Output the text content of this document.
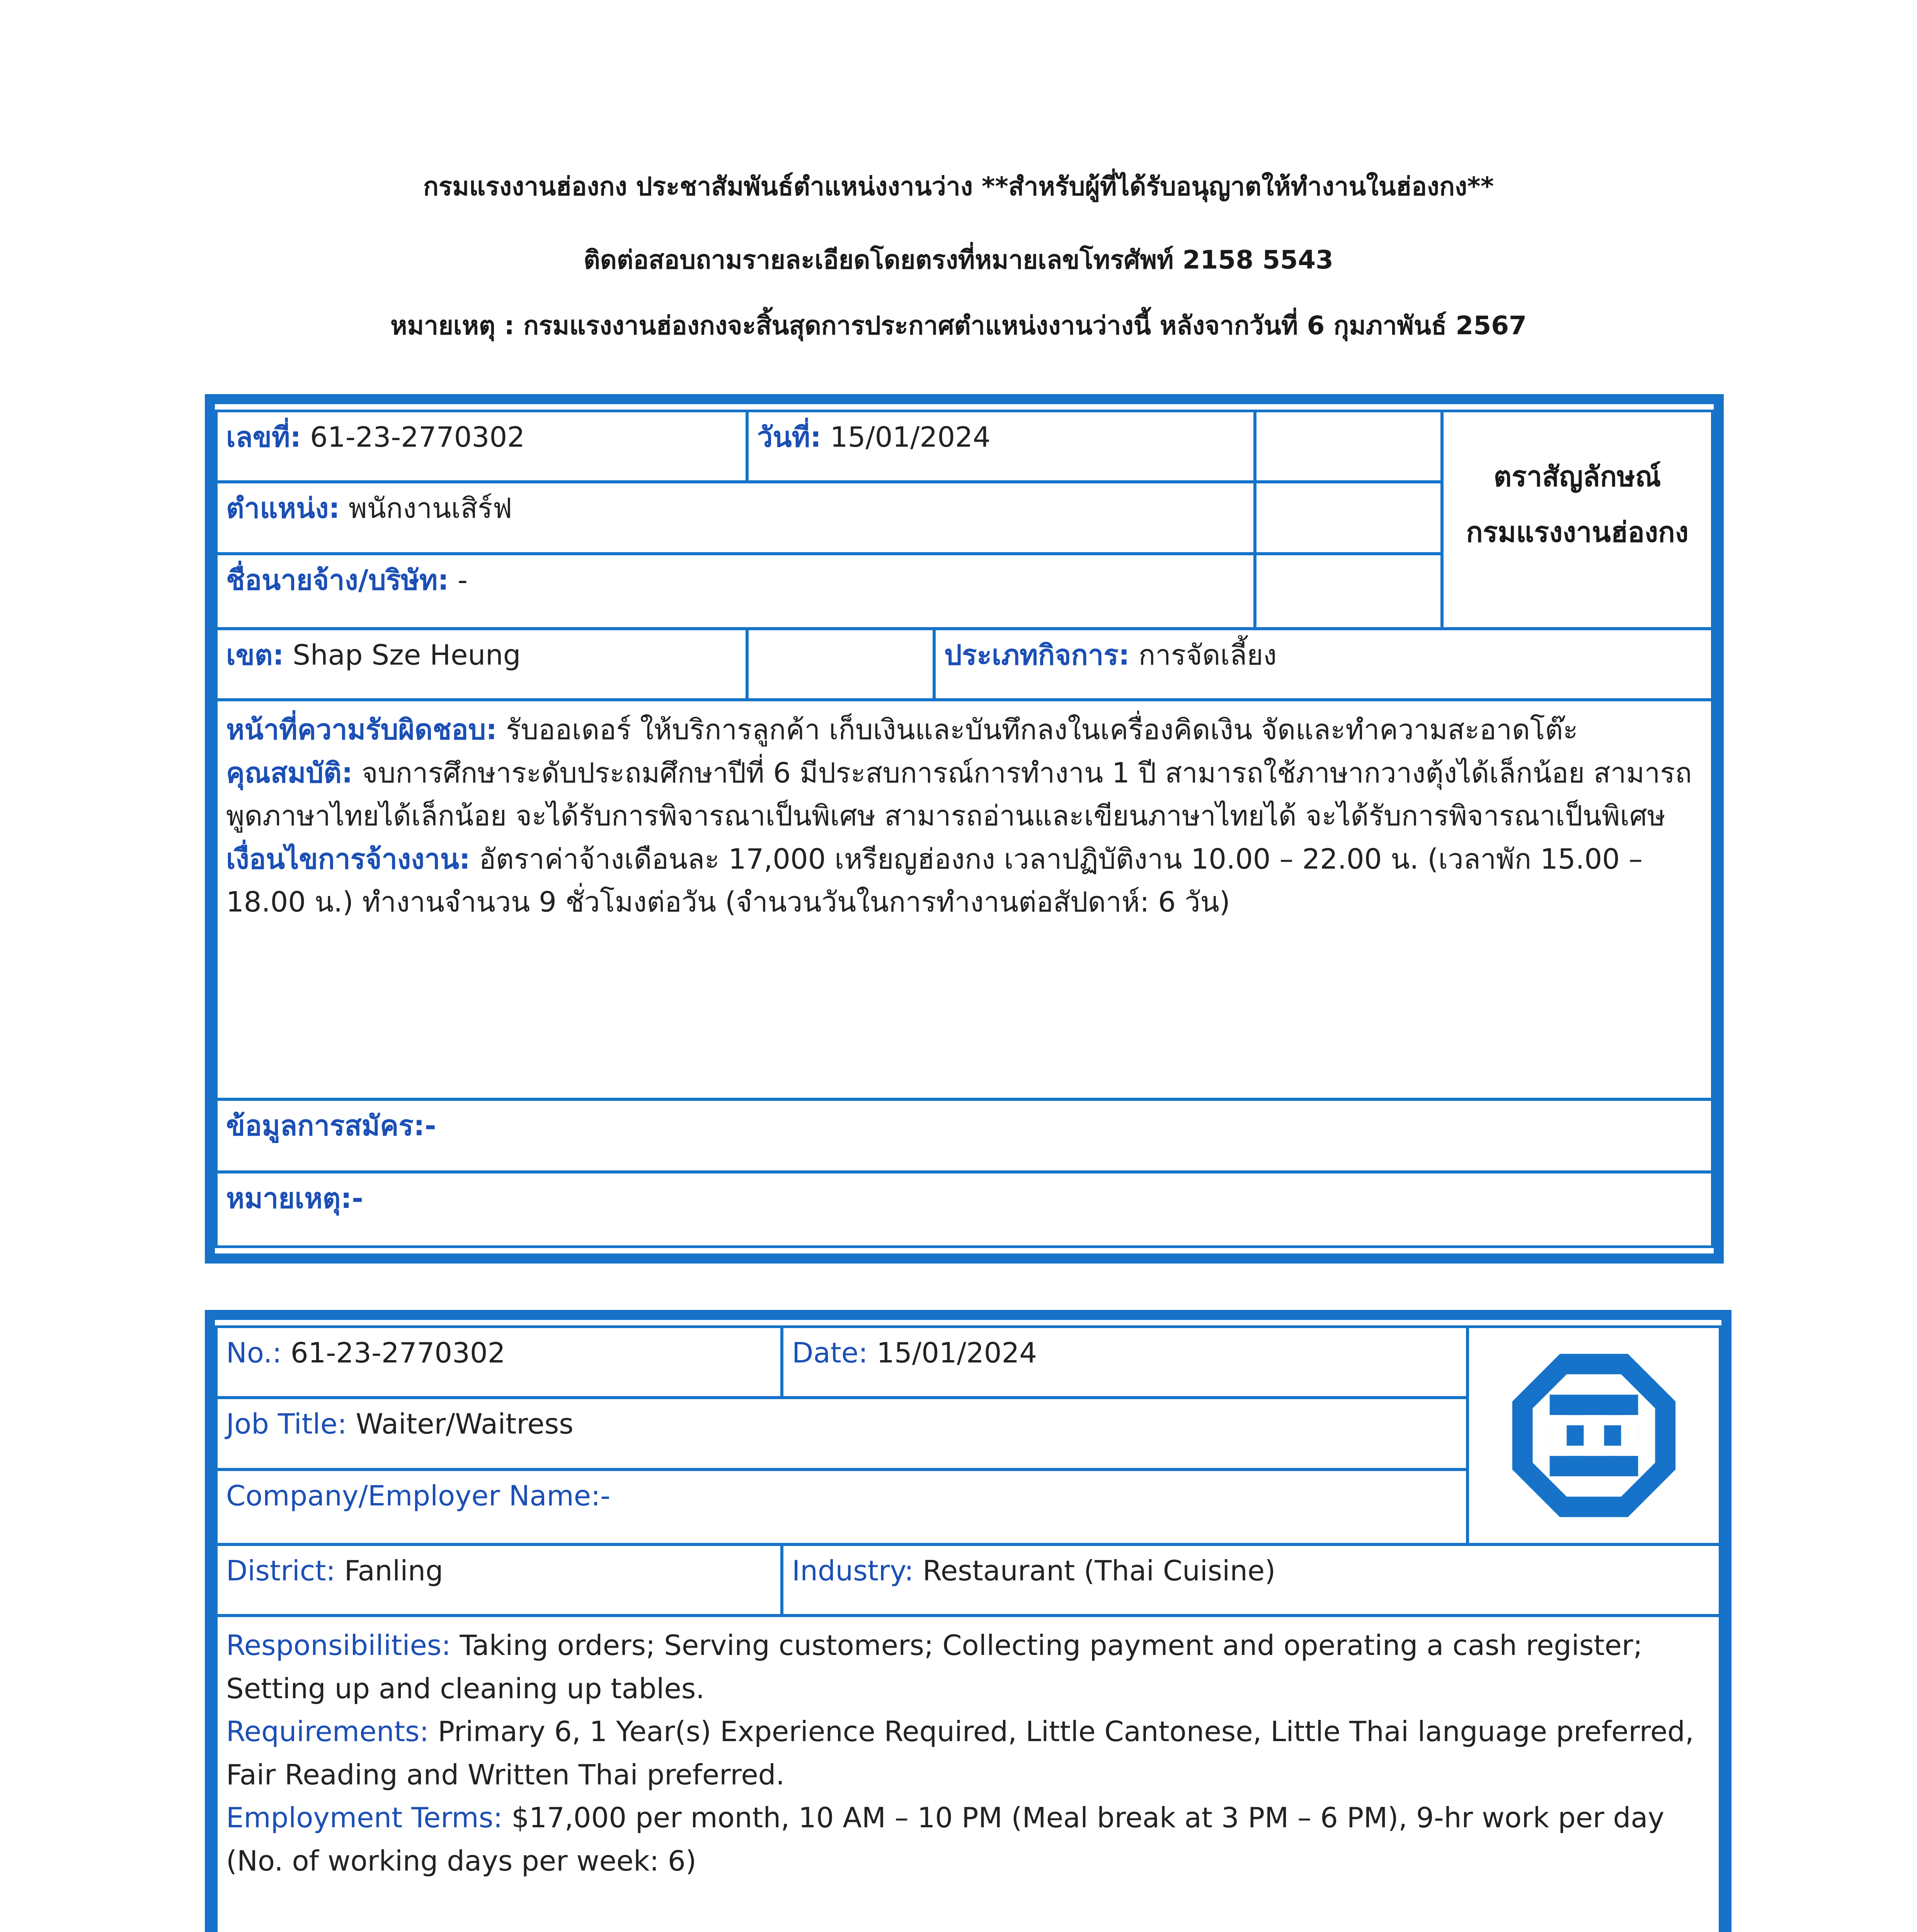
กรมแรงงานฮ่องกง ประชาสัมพันธ์ตำแหน่งงานว่าง **สำหรับผู้ที่ได้รับอนุญาตให้ทำงานในฮ่องกง**
ติดต่อสอบถามรายละเอียดโดยตรงที่หมายเลขโทรศัพท์ 2158 5543
หมายเหตุ : กรมแรงงานฮ่องกงจะสิ้นสุดการประกาศตำแหน่งงานว่างนี้ หลังจากวันที่ 6 กุมภาพันธ์ 2567
เลขที่: 61-23-2770302	วันที่: 15/01/2024
ตราสัญลักษณ์
กรมแรงงานฮ่องกง
ตำแหน่ง: พนักงานเสิร์ฟ
ชื่อนายจ้าง/บริษัท: -
เขต: Shap Sze Heung	ประเภทกิจการ: การจัดเลี้ยง
หน้าที่ความรับผิดชอบ: รับออเดอร์ ให้บริการลูกค้า เก็บเงินและบันทึกลงในเครื่องคิดเงิน จัดและทำความสะอาดโต๊ะ
คุณสมบัติ: จบการศึกษาระดับประถมศึกษาปีที่ 6 มีประสบการณ์การทำงาน 1 ปี สามารถใช้ภาษากวางตุ้งได้เล็กน้อย สามารถพูดภาษาไทยได้เล็กน้อย จะได้รับการพิจารณาเป็นพิเศษ สามารถอ่านและเขียนภาษาไทยได้ จะได้รับการพิจารณาเป็นพิเศษ
เงื่อนไขการจ้างงาน: อัตราค่าจ้างเดือนละ 17,000 เหรียญฮ่องกง เวลาปฏิบัติงาน 10.00 – 22.00 น. (เวลาพัก 15.00 – 18.00 น.) ทำงานจำนวน 9 ชั่วโมงต่อวัน (จำนวนวันในการทำงานต่อสัปดาห์: 6 วัน)
ข้อมูลการสมัคร:-
หมายเหตุ:-
No.: 61-23-2770302	Date: 15/01/2024
Job Title: Waiter/Waitress
Company/Employer Name:-
District: Fanling	Industry: Restaurant (Thai Cuisine)
Responsibilities: Taking orders; Serving customers; Collecting payment and operating a cash register; Setting up and cleaning up tables.
Requirements: Primary 6, 1 Year(s) Experience Required, Little Cantonese, Little Thai language preferred, Fair Reading and Written Thai preferred.
Employment Terms: $17,000 per month, 10 AM – 10 PM (Meal break at 3 PM – 6 PM), 9-hr work per day (No. of working days per week: 6)
